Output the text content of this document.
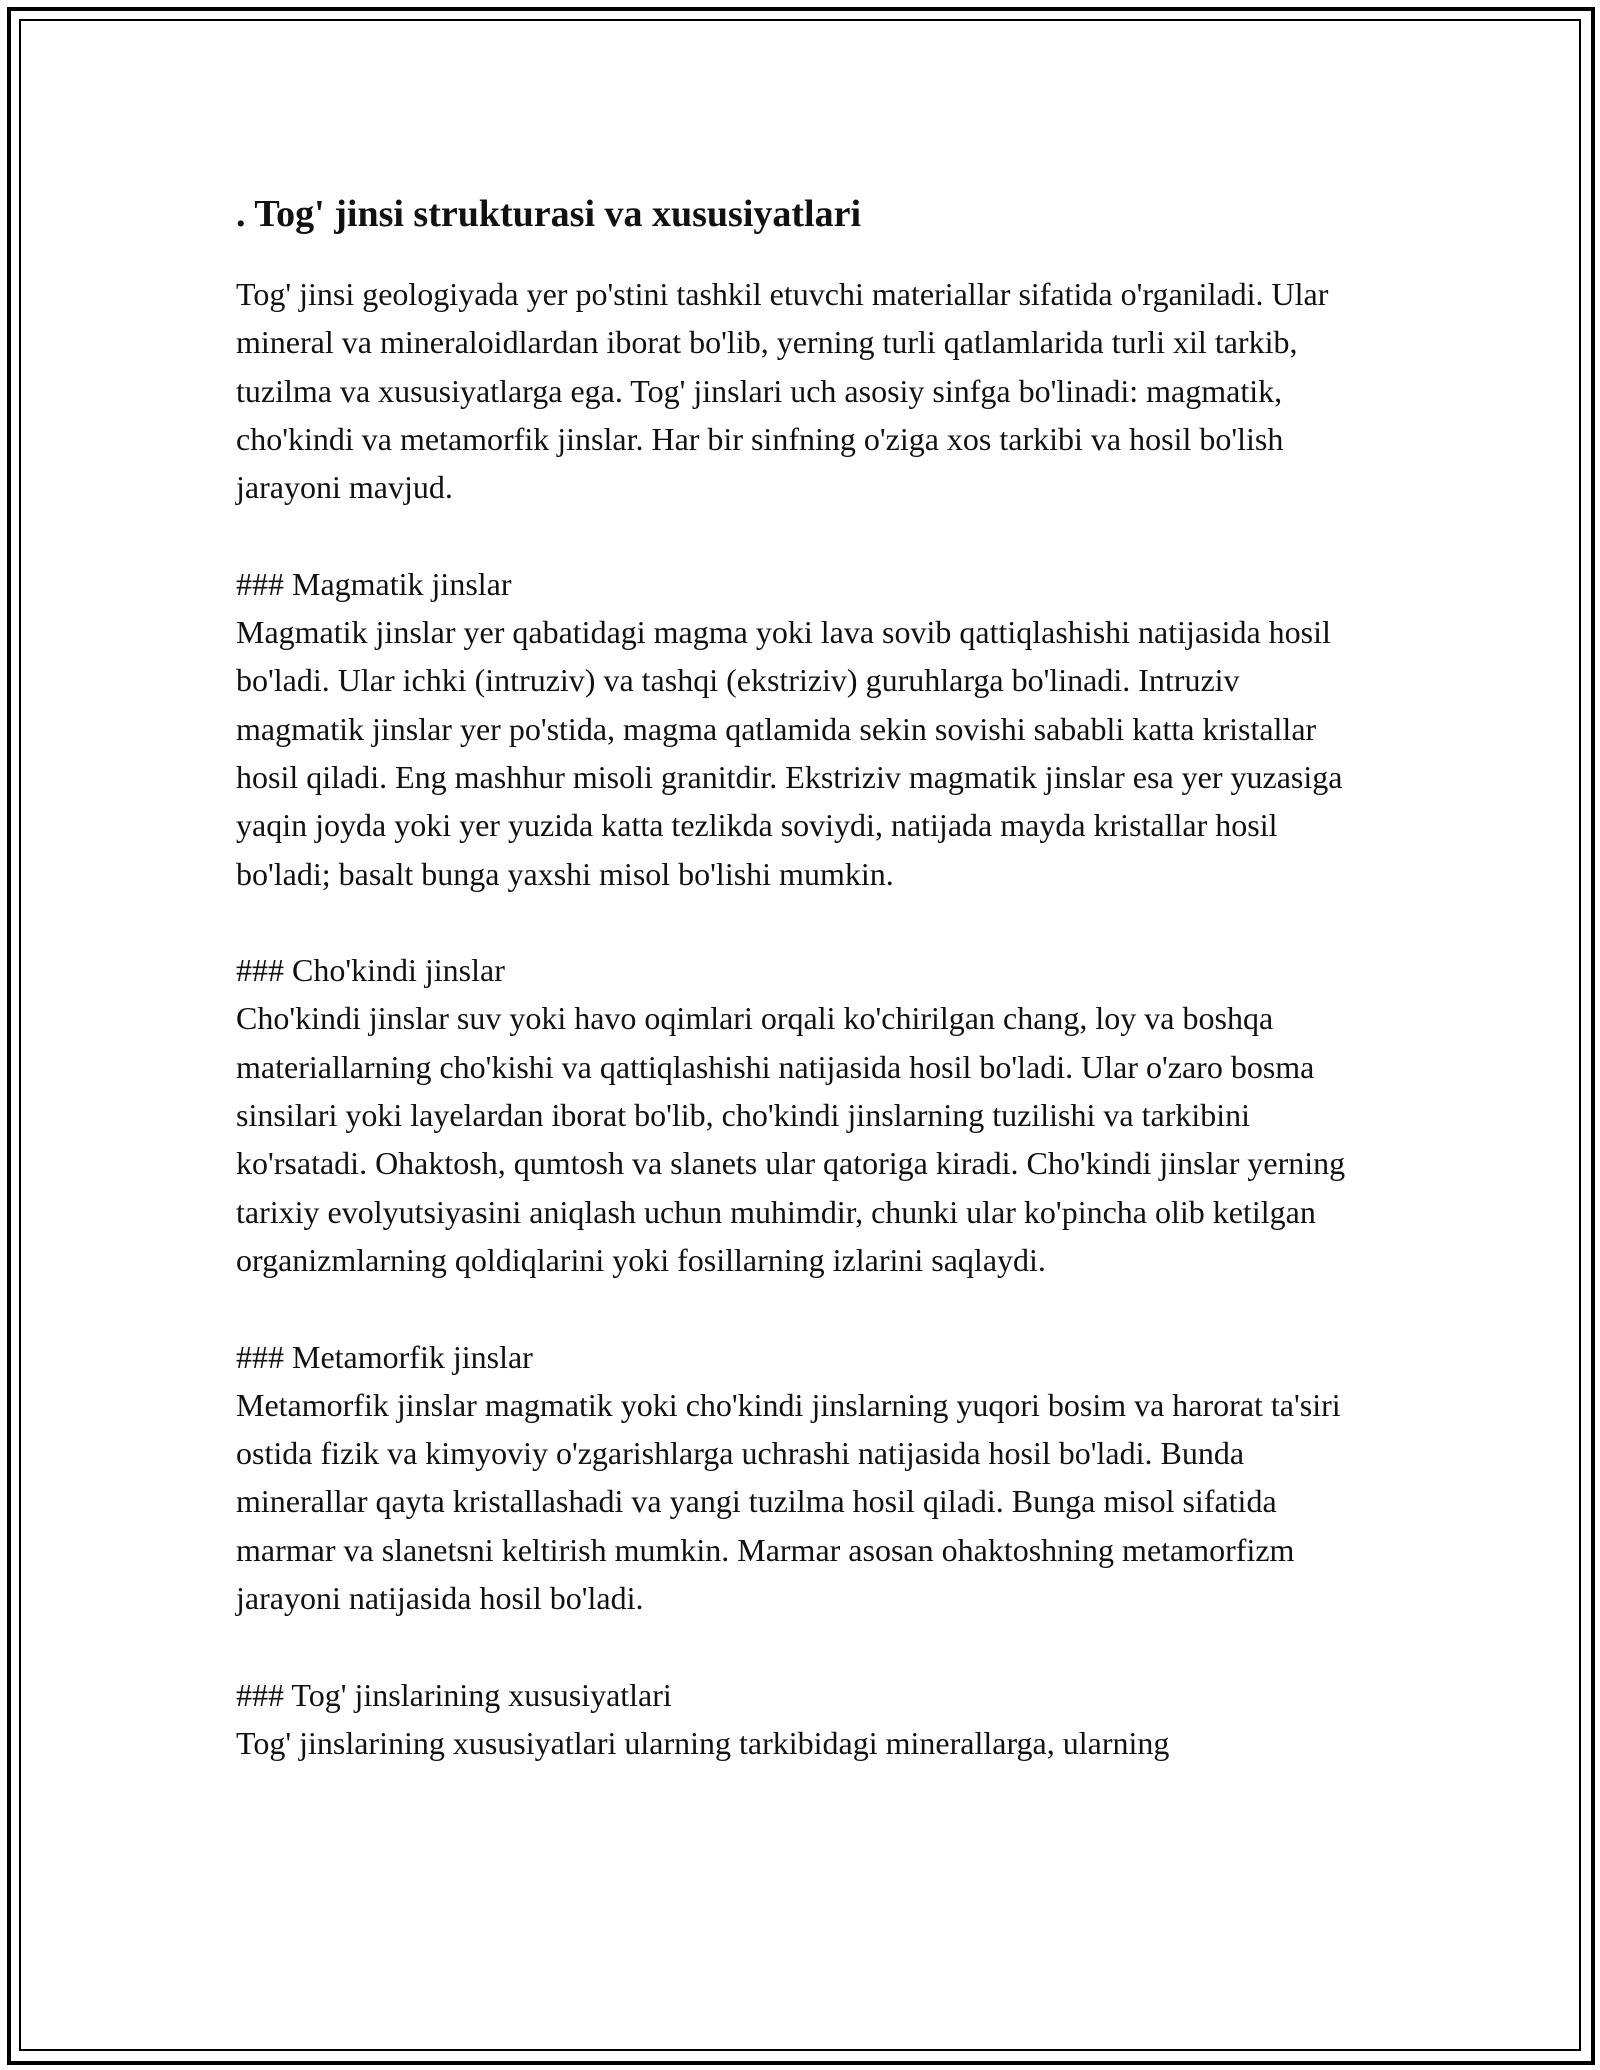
. Tog' jinsi strukturasi va xususiyatlari

Tog' jinsi geologiyada yer po'stini tashkil etuvchi materiallar sifatida o'rganiladi. Ular mineral va mineraloidlardan iborat bo'lib, yerning turli qatlamlarida turli xil tarkib, tuzilma va xususiyatlarga ega. Tog' jinslari uch asosiy sinfga bo'linadi: magmatik, cho'kindi va metamorfik jinslar. Har bir sinfning o'ziga xos tarkibi va hosil bo'lish jarayoni mavjud.

### Magmatik jinslar

Magmatik jinslar yer qabatidagi magma yoki lava sovib qattiqlashishi natijasida hosil bo'ladi. Ular ichki (intruziv) va tashqi (ekstriziv) guruhlarga bo'linadi. Intruziv magmatik jinslar yer po'stida, magma qatlamida sekin sovishi sababli katta kristallar hosil qiladi. Eng mashhur misoli granitdir. Ekstriziv magmatik jinslar esa yer yuzasiga yaqin joyda yoki yer yuzida katta tezlikda soviydi, natijada mayda kristallar hosil bo'ladi; basalt bunga yaxshi misol bo'lishi mumkin.

### Cho'kindi jinslar

Cho'kindi jinslar suv yoki havo oqimlari orqali ko'chirilgan chang, loy va boshqa materiallarning cho'kishi va qattiqlashishi natijasida hosil bo'ladi. Ular o'zaro bosma sinsilari yoki layelardan iborat bo'lib, cho'kindi jinslarning tuzilishi va tarkibini ko'rsatadi. Ohaktosh, qumtosh va slanets ular qatoriga kiradi. Cho'kindi jinslar yerning tarixiy evolyutsiyasini aniqlash uchun muhimdir, chunki ular ko'pincha olib ketilgan organizmlarning qoldiqlarini yoki fosillarning izlarini saqlaydi.

### Metamorfik jinslar

Metamorfik jinslar magmatik yoki cho'kindi jinslarning yuqori bosim va harorat ta'siri ostida fizik va kimyoviy o'zgarishlarga uchrashi natijasida hosil bo'ladi. Bunda minerallar qayta kristallashadi va yangi tuzilma hosil qiladi. Bunga misol sifatida marmar va slanetsni keltirish mumkin. Marmar asosan ohaktoshning metamorfizm jarayoni natijasida hosil bo'ladi.

### Tog' jinslarining xususiyatlari

Tog' jinslarining xususiyatlari ularning tarkibidagi minerallarga, ularning
